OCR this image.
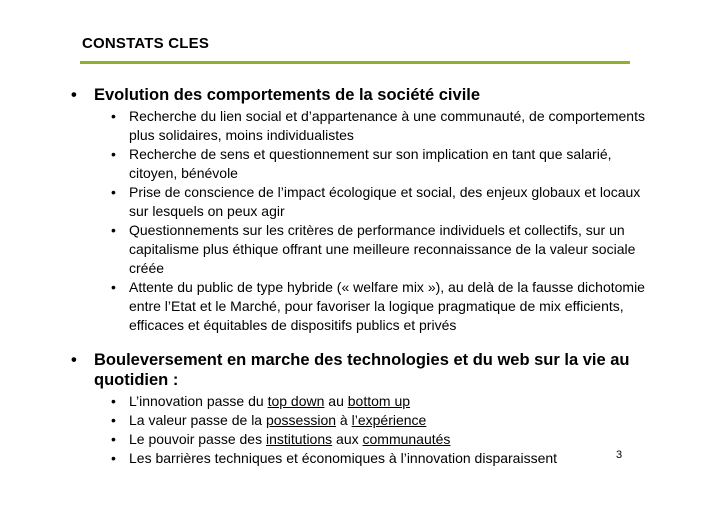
CONSTATS CLES
• Evolution des comportements de la société civile
• Recherche du lien social et d’appartenance à une communauté, de comportements plus solidaires, moins individualistes
• Recherche de sens et questionnement sur son implication en tant que salarié, citoyen, bénévole
• Prise de conscience de l’impact écologique et social, des enjeux globaux et locaux sur lesquels on peux agir
• Questionnements sur les critères de performance individuels et collectifs, sur un capitalisme plus éthique offrant une meilleure reconnaissance de la valeur sociale créée
• Attente du public de type hybride (« welfare mix »), au delà de la fausse dichotomie entre l’Etat et le Marché, pour favoriser la logique pragmatique de mix efficients, efficaces et équitables de dispositifs publics et privés
• Bouleversement en marche des technologies et du web sur la vie au quotidien :
• L’innovation passe du top down au bottom up
• La valeur passe de la possession à l’expérience
• Le pouvoir passe des institutions aux communautés
• Les barrières techniques et économiques à l’innovation disparaissent	3
